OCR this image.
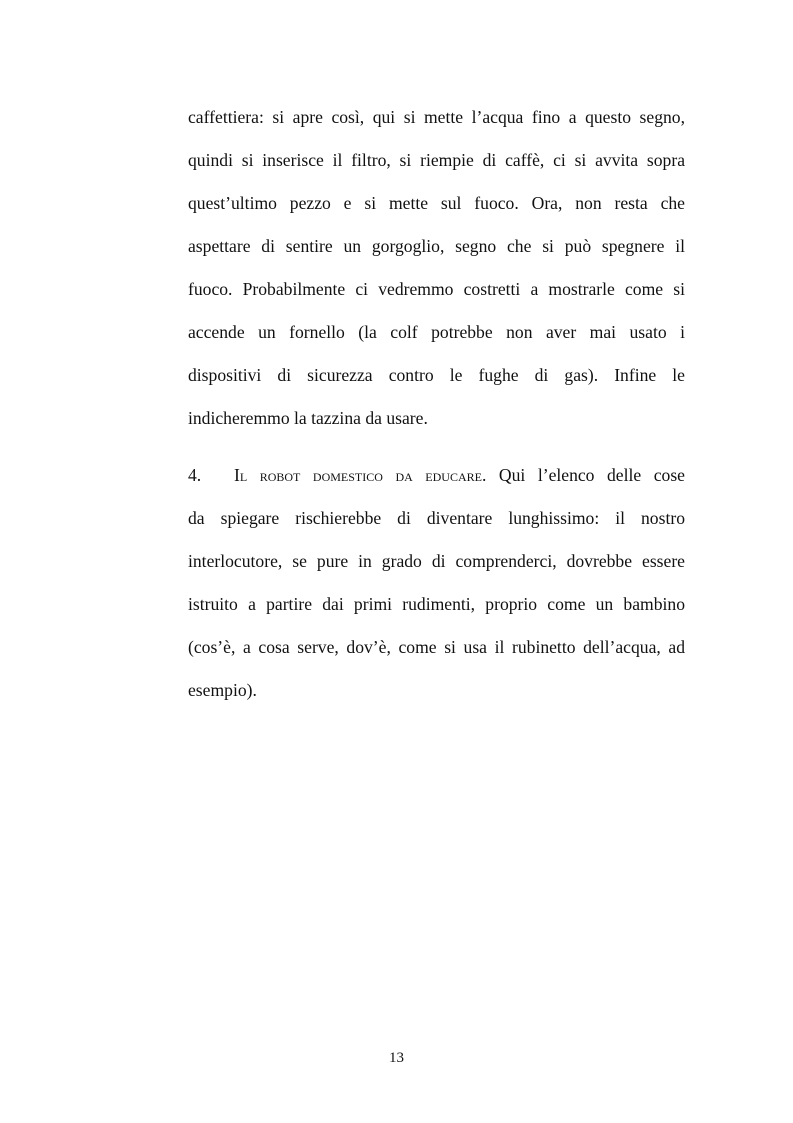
caffettiera: si apre così, qui si mette l’acqua fino a questo segno,
quindi si inserisce il filtro, si riempie di caffè, ci si avvita sopra
quest’ultimo pezzo e si mette sul fuoco. Ora, non resta che
aspettare di sentire un gorgoglio, segno che si può spegnere il
fuoco. Probabilmente ci vedremmo costretti a mostrarle come si
accende un fornello (la colf potrebbe non aver mai usato i
dispositivi di sicurezza contro le fughe di gas). Infine le
indicheremmo la tazzina da usare.
4. Il robot domestico da educare. Qui l’elenco delle cose
da spiegare rischierebbe di diventare lunghissimo: il nostro
interlocutore, se pure in grado di comprenderci, dovrebbe essere
istruito a partire dai primi rudimenti, proprio come un bambino
(cos’è, a cosa serve, dov’è, come si usa il rubinetto dell’acqua, ad
esempio).
13
